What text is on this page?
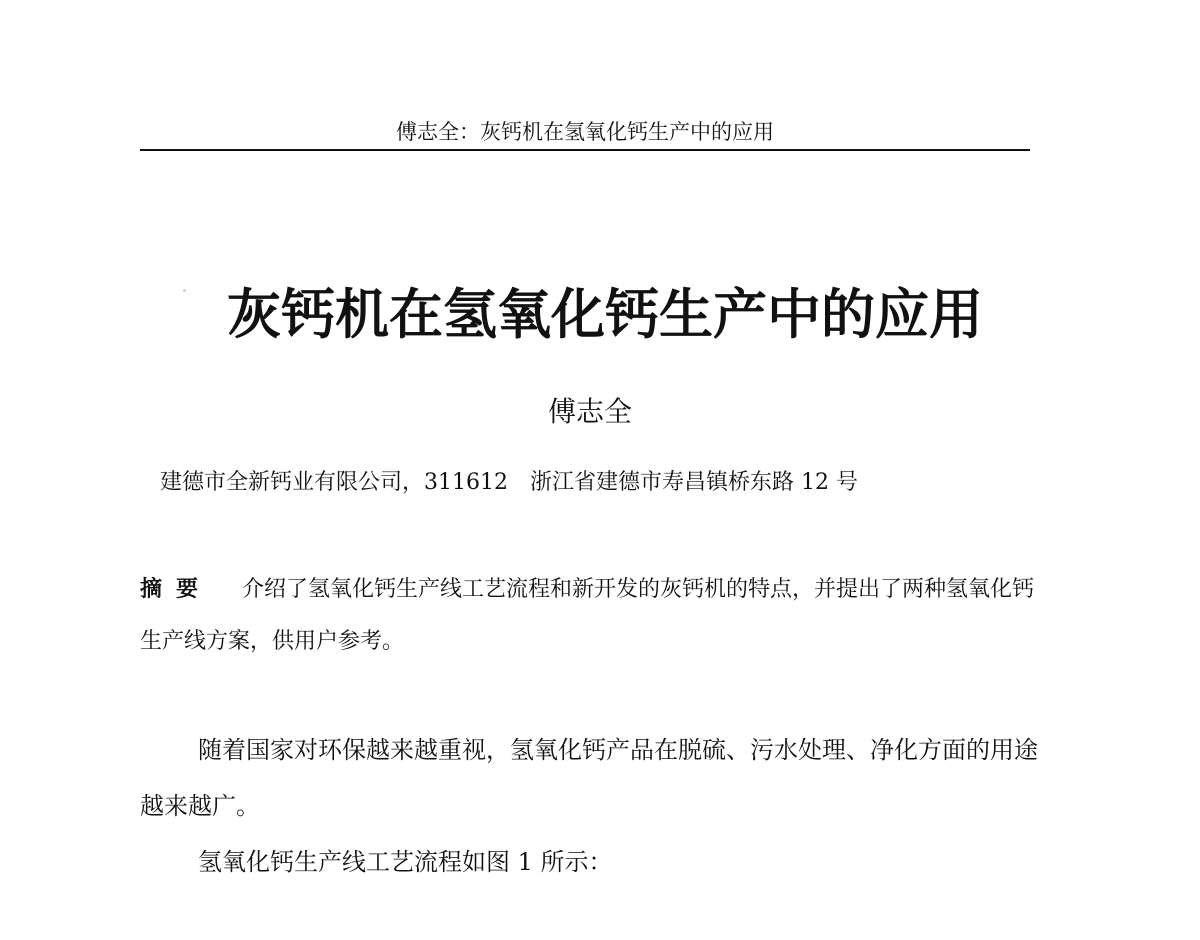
傅志全：灰钙机在氢氧化钙生产中的应用
灰钙机在氢氧化钙生产中的应用
傅志全
建德市全新钙业有限公司，311612　浙江省建德市寿昌镇桥东路 12 号
摘要 介绍了氢氧化钙生产线工艺流程和新开发的灰钙机的特点，并提出了两种氢氧化钙生产线方案，供用户参考。

随着国家对环保越来越重视，氢氧化钙产品在脱硫、污水处理、净化方面的用途越来越广。

氢氧化钙生产线工艺流程如图 1 所示：
